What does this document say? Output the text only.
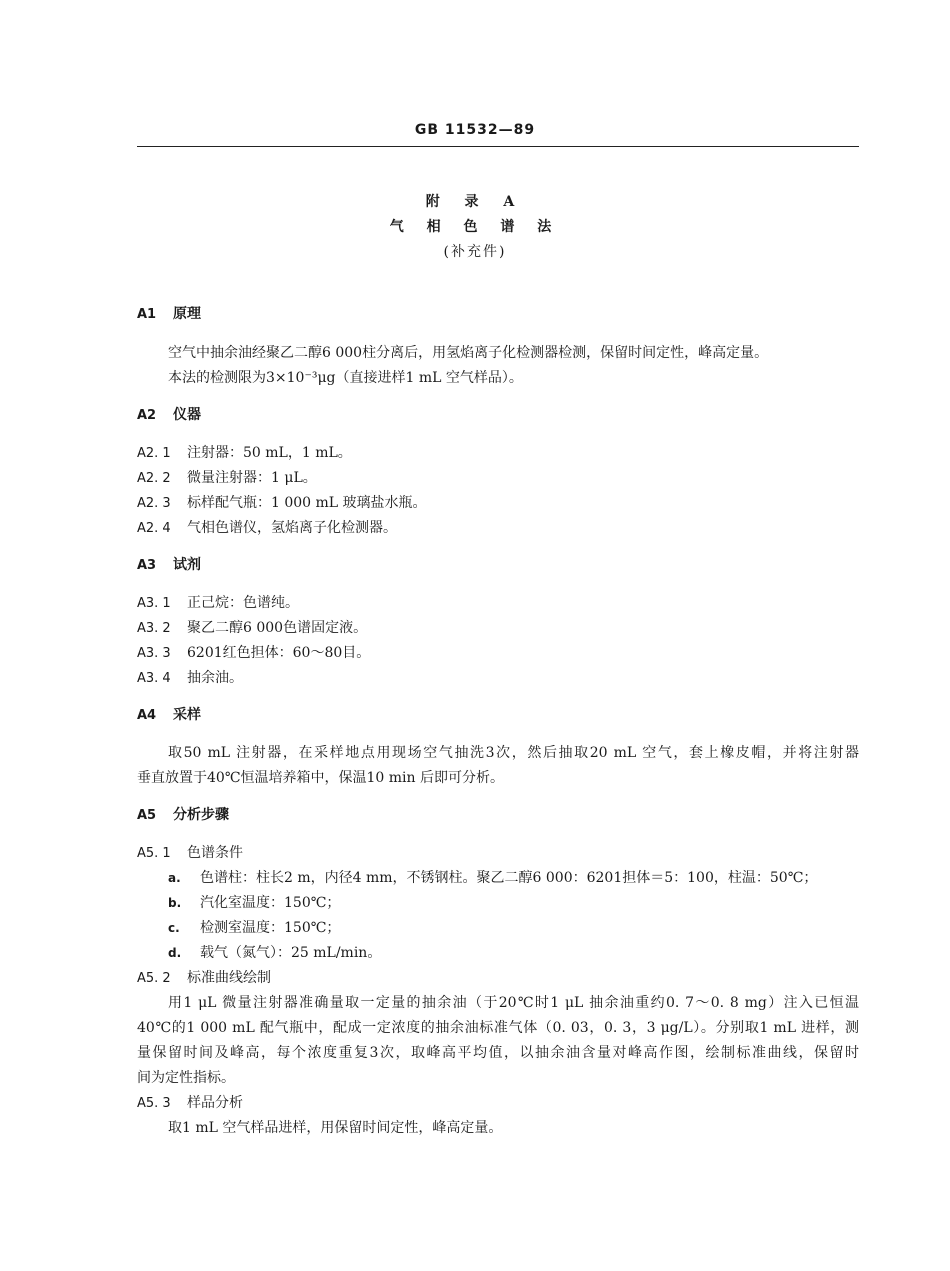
GB 11532—89
附 录 A
气 相 色 谱 法
(补充件)
A1 原理
空气中抽余油经聚乙二醇6 000柱分离后，用氢焰离子化检测器检测，保留时间定性，峰高定量。
本法的检测限为3×10⁻³μg（直接进样1 mL 空气样品）。
A2 仪器
A2. 1 注射器：50 mL，1 mL。
A2. 2 微量注射器：1 μL。
A2. 3 标样配气瓶：1 000 mL 玻璃盐水瓶。
A2. 4 气相色谱仪，氢焰离子化检测器。
A3 试剂
A3. 1 正己烷：色谱纯。
A3. 2 聚乙二醇6 000色谱固定液。
A3. 3 6201红色担体：60～80目。
A3. 4 抽余油。
A4 采样
取50 mL 注射器，在采样地点用现场空气抽洗3次，然后抽取20 mL 空气，套上橡皮帽，并将注射器
垂直放置于40℃恒温培养箱中，保温10 min 后即可分析。
A5 分析步骤
A5. 1 色谱条件
a. 色谱柱：柱长2 m，内径4 mm，不锈钢柱。聚乙二醇6 000：6201担体＝5：100，柱温：50℃；
b. 汽化室温度：150℃；
c. 检测室温度：150℃；
d. 载气（氮气）：25 mL/min。
A5. 2 标准曲线绘制
用1 μL 微量注射器准确量取一定量的抽余油（于20℃时1 μL 抽余油重约0. 7～0. 8 mg）注入已恒温
40℃的1 000 mL 配气瓶中，配成一定浓度的抽余油标准气体（0. 03，0. 3，3 μg/L）。分别取1 mL 进样，测
量保留时间及峰高，每个浓度重复3次，取峰高平均值，以抽余油含量对峰高作图，绘制标准曲线，保留时
间为定性指标。
A5. 3 样品分析
取1 mL 空气样品进样，用保留时间定性，峰高定量。
